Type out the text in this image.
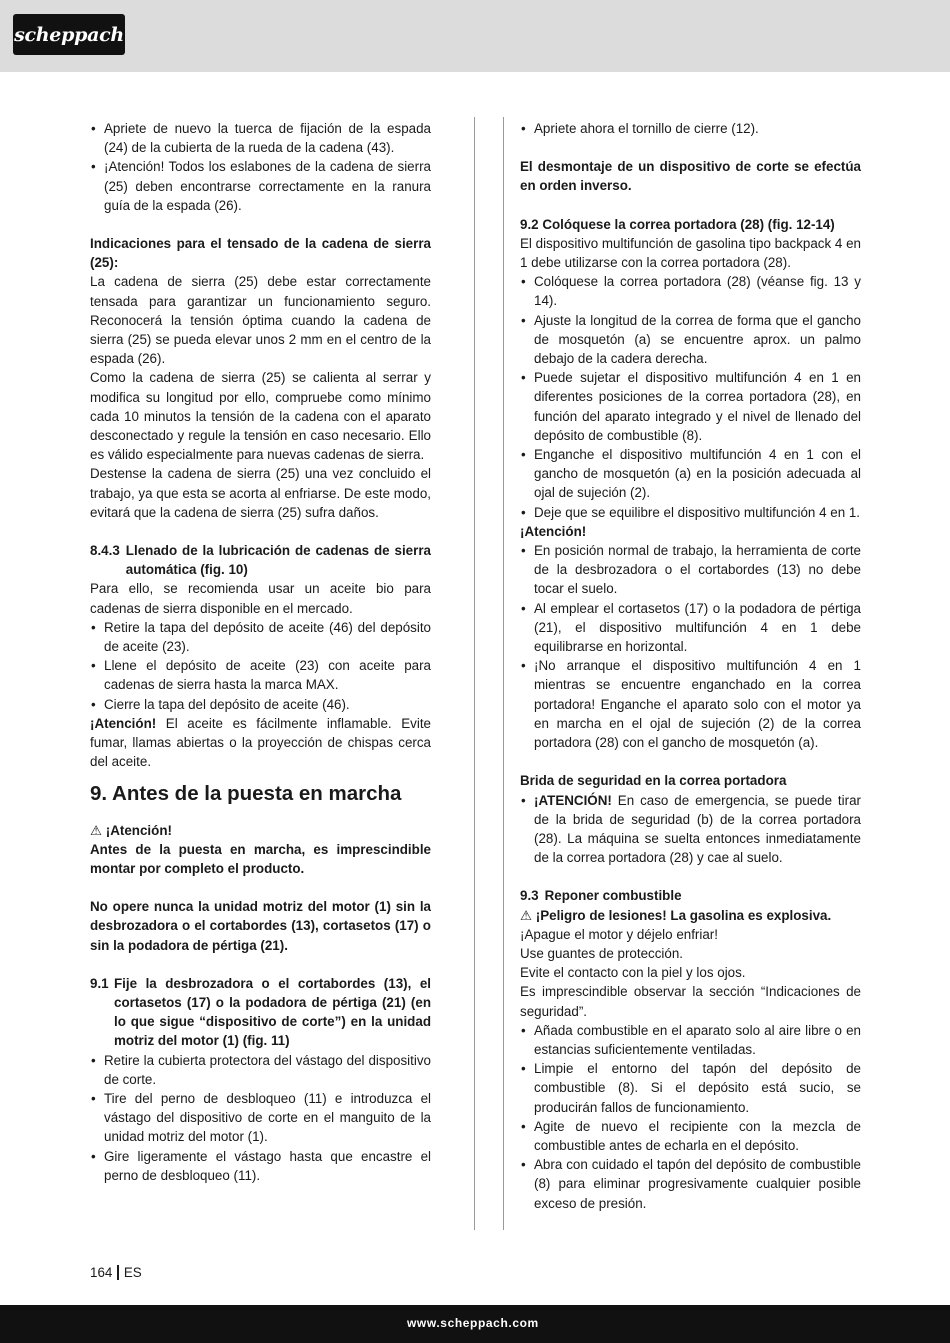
scheppach
• Apriete de nuevo la tuerca de fijación de la espada (24) de la cubierta de la rueda de la cadena (43).
• ¡Atención! Todos los eslabones de la cadena de sierra (25) deben encontrarse correctamente en la ranura guía de la espada (26).

Indicaciones para el tensado de la cadena de sierra (25):

La cadena de sierra (25) debe estar correctamente tensada para garantizar un funcionamiento seguro. Reconocerá la tensión óptima cuando la cadena de sierra (25) se pueda elevar unos 2 mm en el centro de la espada (26).

Como la cadena de sierra (25) se calienta al serrar y modifica su longitud por ello, compruebe como mínimo cada 10 minutos la tensión de la cadena con el aparato desconectado y regule la tensión en caso necesario. Ello es válido especialmente para nuevas cadenas de sierra.

Destense la cadena de sierra (25) una vez concluido el trabajo, ya que esta se acorta al enfriarse. De este modo, evitará que la cadena de sierra (25) sufra daños.

8.4.3 Llenado de la lubricación de cadenas de sierra automática (fig. 10)

Para ello, se recomienda usar un aceite bio para cadenas de sierra disponible en el mercado.

• Retire la tapa del depósito de aceite (46) del depósito de aceite (23).
• Llene el depósito de aceite (23) con aceite para cadenas de sierra hasta la marca MAX.
• Cierre la tapa del depósito de aceite (46).

¡Atención! El aceite es fácilmente inflamable. Evite fumar, llamas abiertas o la proyección de chispas cerca del aceite.

9. Antes de la puesta en marcha

⚠ ¡Atención!

Antes de la puesta en marcha, es imprescindible montar por completo el producto.

No opere nunca la unidad motriz del motor (1) sin la desbrozadora o el cortabordes (13), cortasetos (17) o sin la podadora de pértiga (21).

9.1 Fije la desbrozadora o el cortabordes (13), el cortasetos (17) o la podadora de pértiga (21) (en lo que sigue “dispositivo de corte”) en la unidad motriz del motor (1) (fig. 11)
• Retire la cubierta protectora del vástago del dispositivo de corte.
• Tire del perno de desbloqueo (11) e introduzca el vástago del dispositivo de corte en el manguito de la unidad motriz del motor (1).
• Gire ligeramente el vástago hasta que encastre el perno de desbloqueo (11).
• Apriete ahora el tornillo de cierre (12).

El desmontaje de un dispositivo de corte se efectúa en orden inverso.

9.2 Colóquese la correa portadora (28) (fig. 12-14)

El dispositivo multifunción de gasolina tipo backpack 4 en 1 debe utilizarse con la correa portadora (28).

• Colóquese la correa portadora (28) (véanse fig. 13 y 14).
• Ajuste la longitud de la correa de forma que el gancho de mosquetón (a) se encuentre aprox. un palmo debajo de la cadera derecha.
• Puede sujetar el dispositivo multifunción 4 en 1 en diferentes posiciones de la correa portadora (28), en función del aparato integrado y el nivel de llenado del depósito de combustible (8).
• Enganche el dispositivo multifunción 4 en 1 con el gancho de mosquetón (a) en la posición adecuada al ojal de sujeción (2).
• Deje que se equilibre el dispositivo multifunción 4 en 1.

¡Atención!

• En posición normal de trabajo, la herramienta de corte de la desbrozadora o el cortabordes (13) no debe tocar el suelo.
• Al emplear el cortasetos (17) o la podadora de pértiga (21), el dispositivo multifunción 4 en 1 debe equilibrarse en horizontal.
• ¡No arranque el dispositivo multifunción 4 en 1 mientras se encuentre enganchado en la correa portadora! Enganche el aparato solo con el motor ya en marcha en el ojal de sujeción (2) de la correa portadora (28) con el gancho de mosquetón (a).

Brida de seguridad en la correa portadora

• ¡ATENCIÓN! En caso de emergencia, se puede tirar de la brida de seguridad (b) de la correa portadora (28). La máquina se suelta entonces inmediatamente de la correa portadora (28) y cae al suelo.
9.3 Reponer combustible

⚠ ¡Peligro de lesiones! La gasolina es explosiva.

¡Apague el motor y déjelo enfriar!

Use guantes de protección.

Evite el contacto con la piel y los ojos.

Es imprescindible observar la sección “Indicaciones de seguridad”.

• Añada combustible en el aparato solo al aire libre o en estancias suficientemente ventiladas.
• Limpie el entorno del tapón del depósito de combustible (8). Si el depósito está sucio, se producirán fallos de funcionamiento.
• Agite de nuevo el recipiente con la mezcla de combustible antes de echarla en el depósito.
• Abra con cuidado el tapón del depósito de combustible (8) para eliminar progresivamente cualquier posible exceso de presión.
164 ES
www.scheppach.com
